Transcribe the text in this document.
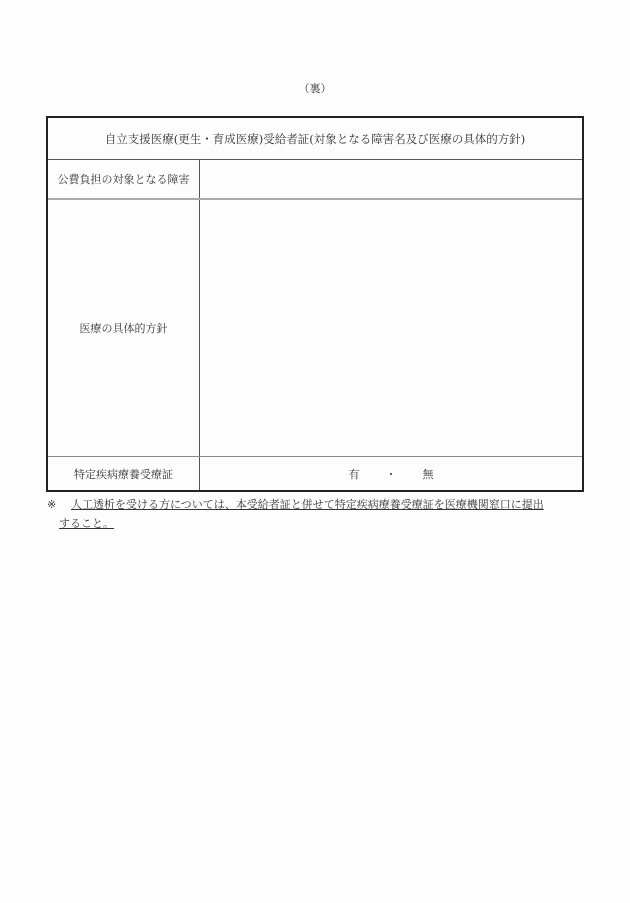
（裏）
自立支援医療(更生・育成医療)受給者証(対象となる障害名及び医療の具体的方針)
公費負担の対象となる障害
医療の具体的方針
特定疾病療養受療証	有 ・ 無
※ 人工透析を受ける方については、本受給者証と併せて特定疾病療養受療証を医療機関窓口に提出
すること。
